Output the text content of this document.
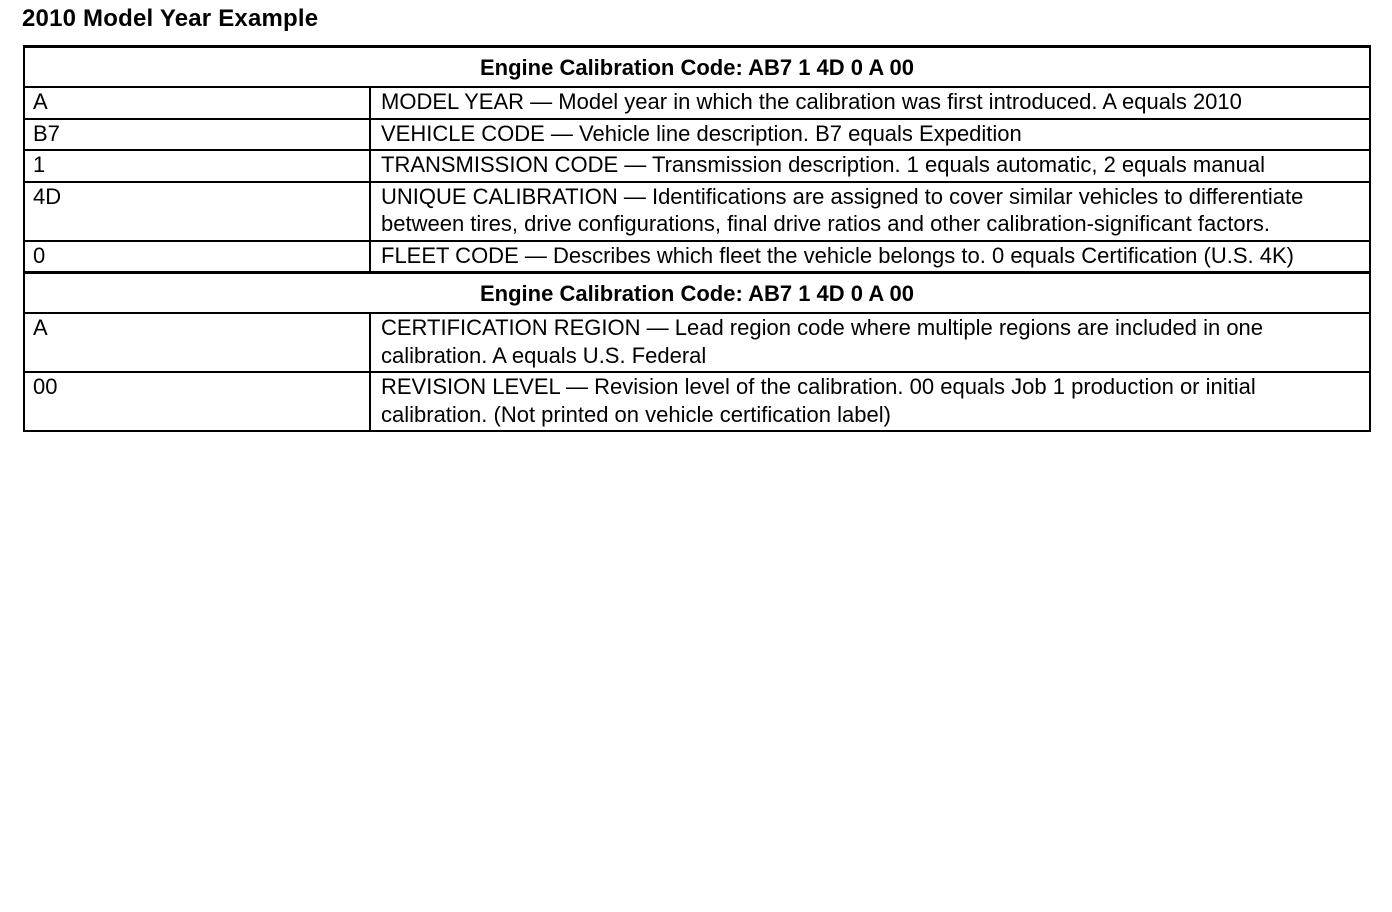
2010 Model Year Example
Engine Calibration Code: AB7 1 4D 0 A 00	
A	MODEL YEAR — Model year in which the calibration was first introduced. A equals 2010
B7	VEHICLE CODE — Vehicle line description. B7 equals Expedition
1	TRANSMISSION CODE — Transmission description. 1 equals automatic, 2 equals manual
4D	UNIQUE CALIBRATION — Identifications are assigned to cover similar vehicles to differentiate between tires, drive configurations, final drive ratios and other calibration-significant factors.
0	FLEET CODE — Describes which fleet the vehicle belongs to. 0 equals Certification (U.S. 4K)
Engine Calibration Code: AB7 1 4D 0 A 00	
A	CERTIFICATION REGION — Lead region code where multiple regions are included in one calibration. A equals U.S. Federal
00	REVISION LEVEL — Revision level of the calibration. 00 equals Job 1 production or initial calibration. (Not printed on vehicle certification label)
